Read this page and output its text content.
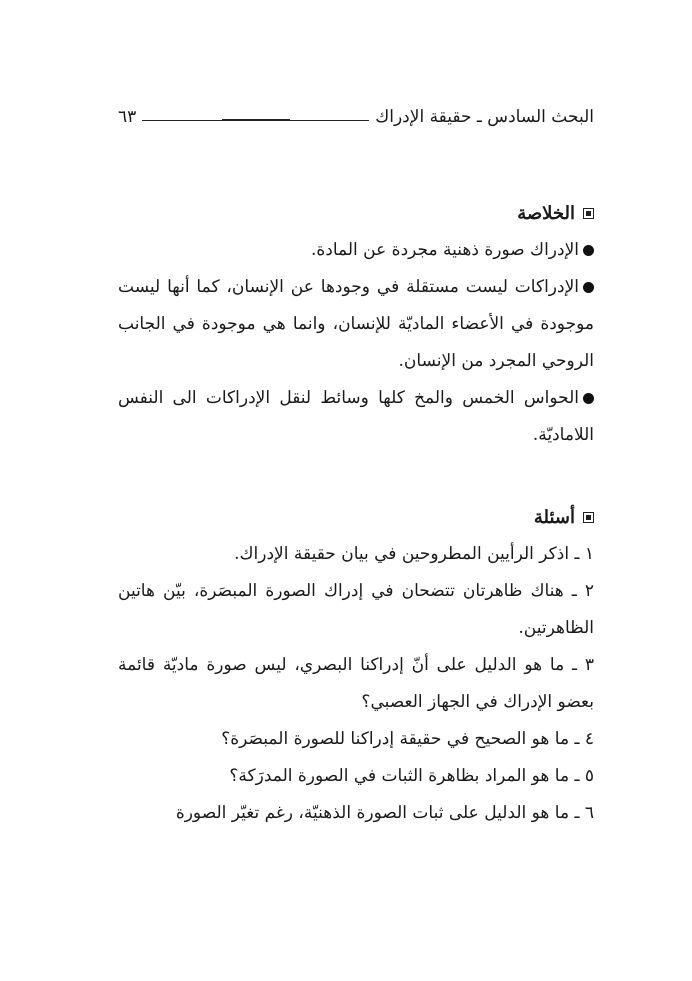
البحث السادس ـ حقيقة الإدراك
٦٣
الخلاصة

الإدراك صورة ذهنية مجردة عن المادة.

الإدراكات ليست مستقلة في وجودها عن الإنسان، كما أنها ليست موجودة في الأعضاء الماديّة للإنسان، وانما هي موجودة في الجانب الروحي المجرد من الإنسان.

الحواس الخمس والمخ كلها وسائط لنقل الإدراكات الى النفس اللاماديّة.

أسئلة

١ ـ اذكر الرأيين المطروحين في بيان حقيقة الإدراك.

٢ ـ هناك ظاهرتان تتضحان في إدراك الصورة المبصَرة، بيّن هاتين الظاهرتين.

٣ ـ ما هو الدليل على أنّ إدراكنا البصري، ليس صورة ماديّة قائمة بعضو الإدراك في الجهاز العصبي؟

٤ ـ ما هو الصحيح في حقيقة إدراكنا للصورة المبصَرة؟

٥ ـ ما هو المراد بظاهرة الثبات في الصورة المدرَكة؟

٦ ـ ما هو الدليل على ثبات الصورة الذهنيّة، رغم تغيّر الصورة
